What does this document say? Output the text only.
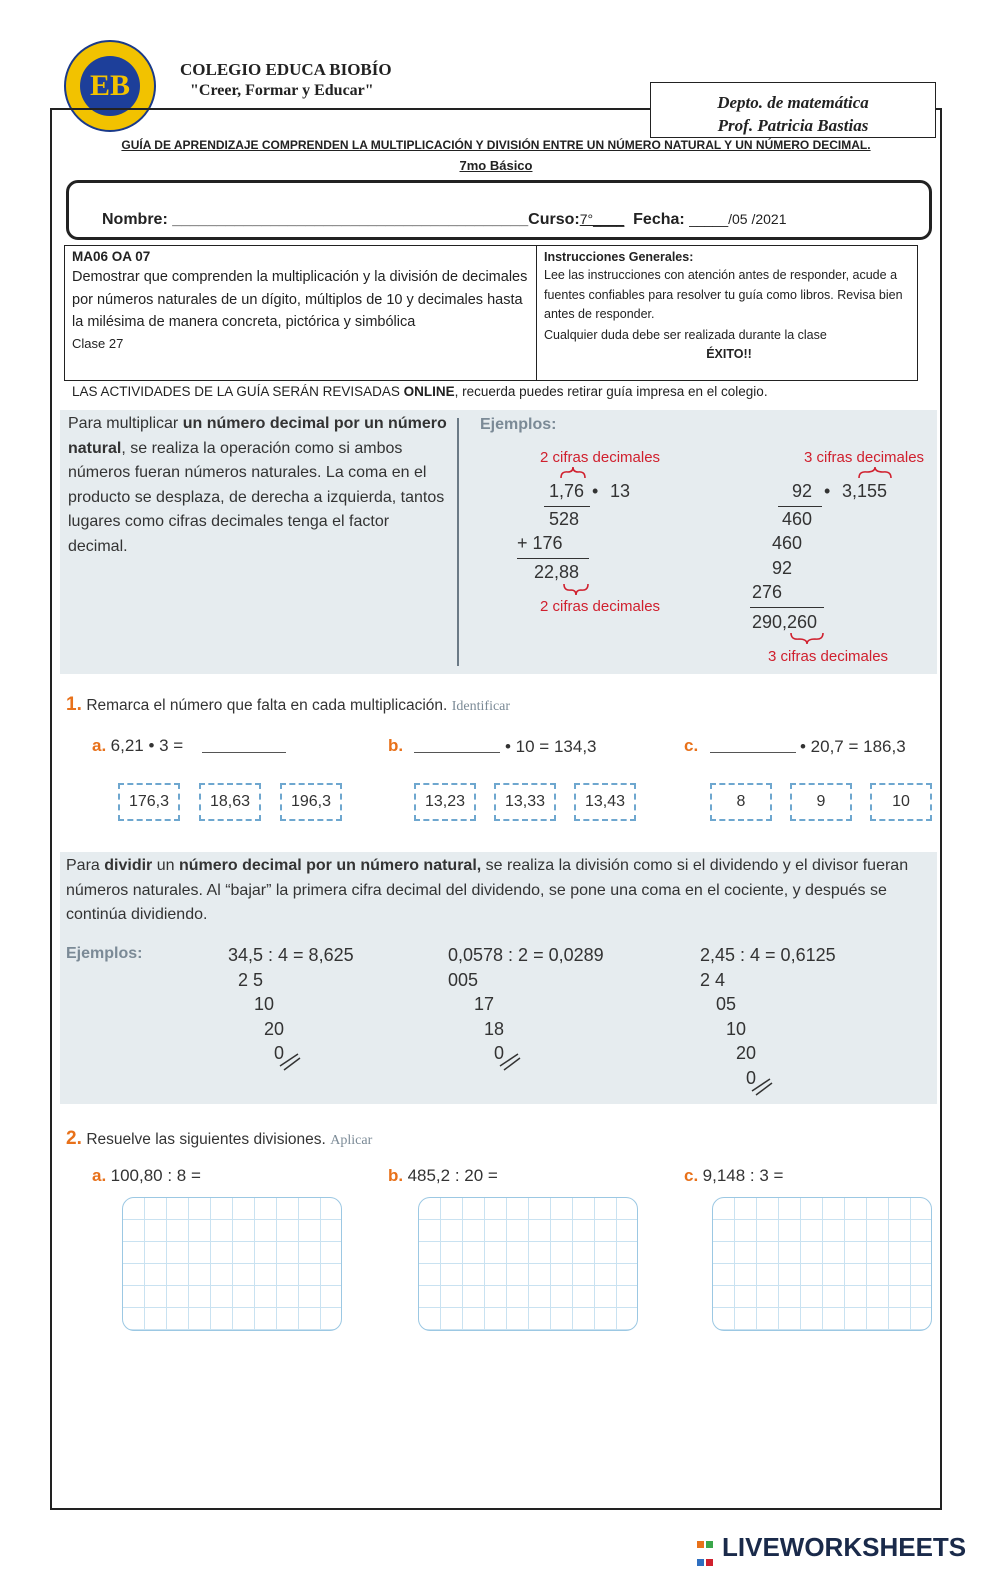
EB	COLEGIO EDUCA BIOBÍO
"Creer, Formar y Educar"
Depto. de matemática
Prof. Patricia Bastias
GUÍA DE APRENDIZAJE COMPRENDEN LA MULTIPLICACIÓN Y DIVISIÓN ENTRE UN NÚMERO NATURAL Y UN NÚMERO DECIMAL.
7mo Básico
Nombre: ________________________________________Curso:7°____ Fecha: _____/05 /2021
MA06 OA 07
Demostrar que comprenden la multiplicación y la división de decimales por números naturales de un dígito, múltiplos de 10 y decimales hasta la milésima de manera concreta, pictórica y simbólica
Clase 27
Instrucciones Generales:
Lee las instrucciones con atención antes de responder, acude a fuentes confiables para resolver tu guía como libros. Revisa bien antes de responder.
Cualquier duda debe ser realizada durante la clase
ÉXITO!!
LAS ACTIVIDADES DE LA GUÍA SERÁN REVISADAS ONLINE, recuerda puedes retirar guía impresa en el colegio.
Para multiplicar un número decimal por un número natural, se realiza la operación como si ambos números fueran números naturales. La coma en el producto se desplaza, de derecha a izquierda, tantos lugares como cifras decimales tenga el factor decimal.
Ejemplos:
2 cifras decimales
1,76 • 13
528
+ 176
22,88
2 cifras decimales
3 cifras decimales
92 • 3,155
460
460
92
276
290,260
3 cifras decimales
1. Remarca el número que falta en cada multiplicación. Identificar
a. 6,21 • 3 =
176,3	18,63	196,3
b.	• 10 = 134,3
13,23	13,33	13,43
c.	• 20,7 = 186,3
8	9	10
Para dividir un número decimal por un número natural, se realiza la división como si el dividendo y el divisor fueran números naturales. Al “bajar” la primera cifra decimal del dividendo, se pone una coma en el cociente, y después se continúa dividiendo.
Ejemplos:	34,5 : 4 = 8,625
2 5
10
20
0
0,0578 : 2 = 0,0289
005
17
18
0
2,45 : 4 = 0,6125
2 4
05
10
20
0
2. Resuelve las siguientes divisiones. Aplicar
a. 100,80 : 8 =	b. 485,2 : 20 =	c. 9,148 : 3 =

LIVEWORKSHEETS
